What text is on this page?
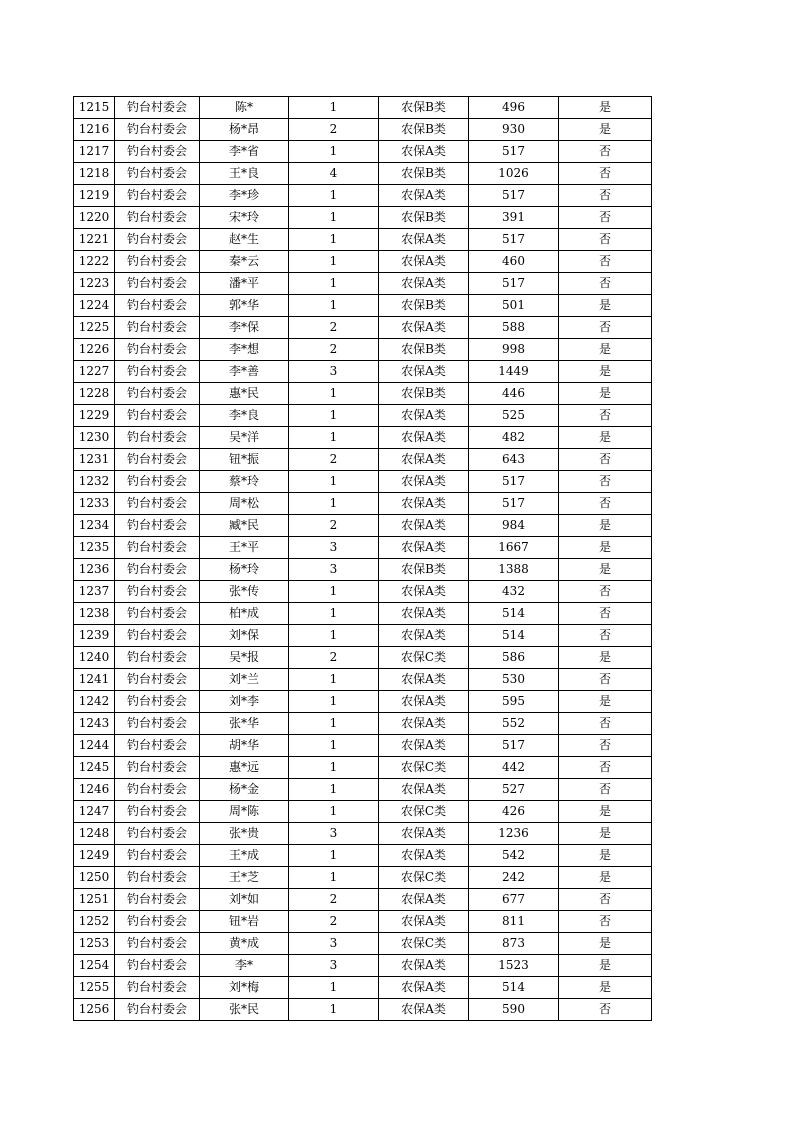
1215	钓台村委会	陈*	1	农保B类	496	是
1216	钓台村委会	杨*昂	2	农保B类	930	是
1217	钓台村委会	李*省	1	农保A类	517	否
1218	钓台村委会	王*良	4	农保B类	1026	否
1219	钓台村委会	李*珍	1	农保A类	517	否
1220	钓台村委会	宋*玲	1	农保B类	391	否
1221	钓台村委会	赵*生	1	农保A类	517	否
1222	钓台村委会	秦*云	1	农保A类	460	否
1223	钓台村委会	潘*平	1	农保A类	517	否
1224	钓台村委会	郭*华	1	农保B类	501	是
1225	钓台村委会	李*保	2	农保A类	588	否
1226	钓台村委会	李*想	2	农保B类	998	是
1227	钓台村委会	李*善	3	农保A类	1449	是
1228	钓台村委会	惠*民	1	农保B类	446	是
1229	钓台村委会	李*良	1	农保A类	525	否
1230	钓台村委会	吴*洋	1	农保A类	482	是
1231	钓台村委会	钮*振	2	农保A类	643	否
1232	钓台村委会	蔡*玲	1	农保A类	517	否
1233	钓台村委会	周*松	1	农保A类	517	否
1234	钓台村委会	臧*民	2	农保A类	984	是
1235	钓台村委会	王*平	3	农保A类	1667	是
1236	钓台村委会	杨*玲	3	农保B类	1388	是
1237	钓台村委会	张*传	1	农保A类	432	否
1238	钓台村委会	柏*成	1	农保A类	514	否
1239	钓台村委会	刘*保	1	农保A类	514	否
1240	钓台村委会	吴*报	2	农保C类	586	是
1241	钓台村委会	刘*兰	1	农保A类	530	否
1242	钓台村委会	刘*李	1	农保A类	595	是
1243	钓台村委会	张*华	1	农保A类	552	否
1244	钓台村委会	胡*华	1	农保A类	517	否
1245	钓台村委会	惠*远	1	农保C类	442	否
1246	钓台村委会	杨*金	1	农保A类	527	否
1247	钓台村委会	周*陈	1	农保C类	426	是
1248	钓台村委会	张*贵	3	农保A类	1236	是
1249	钓台村委会	王*成	1	农保A类	542	是
1250	钓台村委会	王*芝	1	农保C类	242	是
1251	钓台村委会	刘*如	2	农保A类	677	否
1252	钓台村委会	钮*岩	2	农保A类	811	否
1253	钓台村委会	黄*成	3	农保C类	873	是
1254	钓台村委会	李*	3	农保A类	1523	是
1255	钓台村委会	刘*梅	1	农保A类	514	是
1256	钓台村委会	张*民	1	农保A类	590	否
